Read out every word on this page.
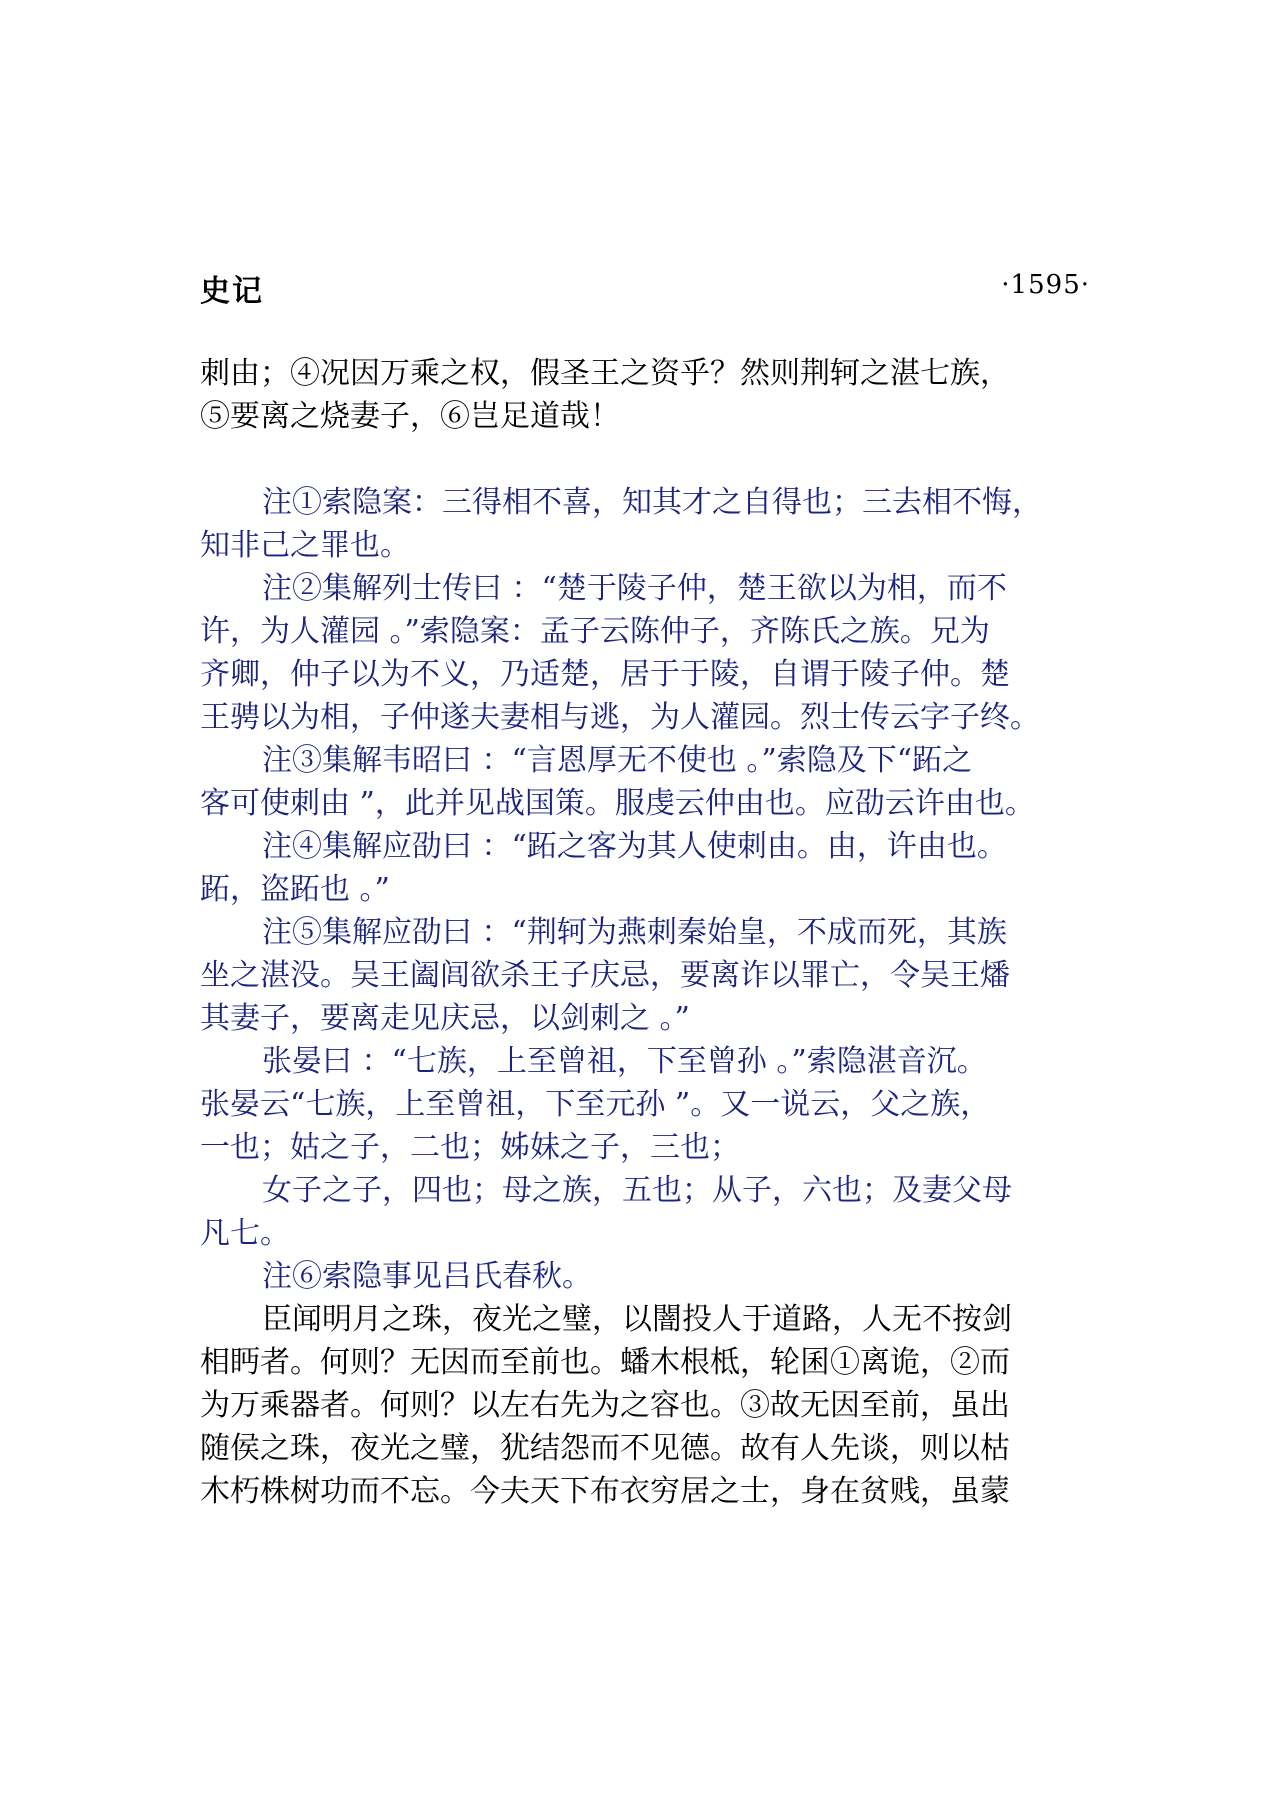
史记	·1595·
刺由；④况因万乘之权，假圣王之资乎？然则荆轲之湛七族，
⑤要离之烧妻子，⑥岂足道哉！
注①索隐案：三得相不喜，知其才之自得也；三去相不悔，
知非己之罪也。
注②集解列士传曰 ：“楚于陵子仲，楚王欲以为相，而不
许，为人灌园 。”索隐案：孟子云陈仲子，齐陈氏之族。兄为
齐卿，仲子以为不义，乃适楚，居于于陵，自谓于陵子仲。楚
王骋以为相，子仲遂夫妻相与逃，为人灌园。烈士传云字子终。
注③集解韦昭曰 ：“言恩厚无不使也 。”索隐及下“跖之
客可使刺由 ”，此并见战国策。服虔云仲由也。应劭云许由也。
注④集解应劭曰 ：“跖之客为其人使刺由。由，许由也。
跖，盗跖也 。”
注⑤集解应劭曰 ：“荆轲为燕刺秦始皇，不成而死，其族
坐之湛没。吴王阖闾欲杀王子庆忌，要离诈以罪亡，令吴王燔
其妻子，要离走见庆忌，以剑刺之 。”
张晏曰 ：“七族，上至曾祖，下至曾孙 。”索隐湛音沉。
张晏云“七族，上至曾祖，下至元孙 ”。又一说云，父之族，
一也；姑之子，二也；姊妹之子，三也；
女子之子，四也；母之族，五也；从子，六也；及妻父母
凡七。
注⑥索隐事见吕氏春秋。
臣闻明月之珠，夜光之璧，以闇投人于道路，人无不按剑
相眄者。何则？无因而至前也。蟠木根柢，轮囷①离诡，②而
为万乘器者。何则？以左右先为之容也。③故无因至前，虽出
随侯之珠，夜光之璧，犹结怨而不见德。故有人先谈，则以枯
木朽株树功而不忘。今夫天下布衣穷居之士，身在贫贱，虽蒙
